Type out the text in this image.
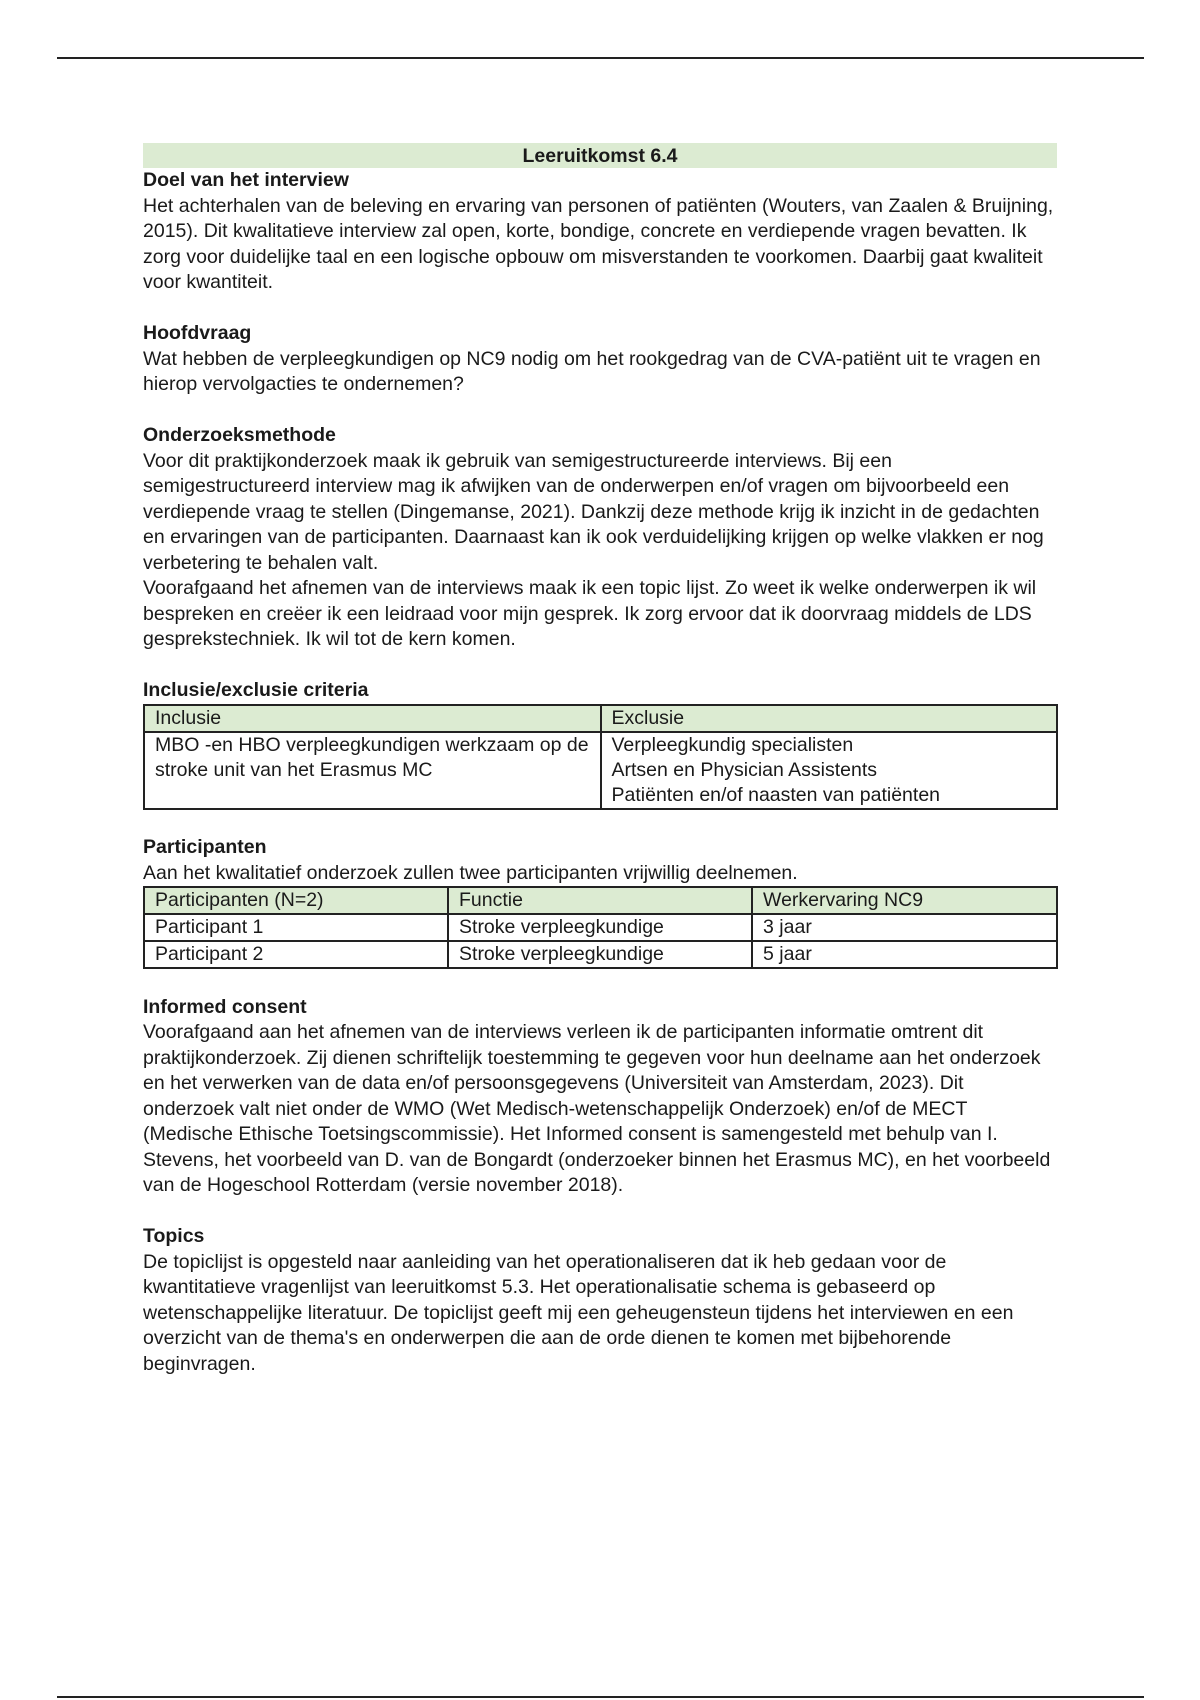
Leeruitkomst 6.4

Doel van het interview

Het achterhalen van de beleving en ervaring van personen of patiënten (Wouters, van Zaalen & Bruijning, 2015). Dit kwalitatieve interview zal open, korte, bondige, concrete en verdiepende vragen bevatten. Ik zorg voor duidelijke taal en een logische opbouw om misverstanden te voorkomen. Daarbij gaat kwaliteit voor kwantiteit.

Hoofdvraag

Wat hebben de verpleegkundigen op NC9 nodig om het rookgedrag van de CVA-patiënt uit te vragen en hierop vervolgacties te ondernemen?

Onderzoeksmethode

Voor dit praktijkonderzoek maak ik gebruik van semigestructureerde interviews. Bij een semigestructureerd interview mag ik afwijken van de onderwerpen en/of vragen om bijvoorbeeld een verdiepende vraag te stellen (Dingemanse, 2021). Dankzij deze methode krijg ik inzicht in de gedachten en ervaringen van de participanten. Daarnaast kan ik ook verduidelijking krijgen op welke vlakken er nog verbetering te behalen valt.

Voorafgaand het afnemen van de interviews maak ik een topic lijst. Zo weet ik welke onderwerpen ik wil bespreken en creëer ik een leidraad voor mijn gesprek. Ik zorg ervoor dat ik doorvraag middels de LDS gesprekstechniek. Ik wil tot de kern komen.

Inclusie/exclusie criteria

Inclusie	Exclusie

MBO -en HBO verpleegkundigen werkzaam op de stroke unit van het Erasmus MC	Verpleegkundig specialisten
Artsen en Physician Assistents
Patiënten en/of naasten van patiënten

Participanten

Aan het kwalitatief onderzoek zullen twee participanten vrijwillig deelnemen.

Participanten (N=2)	Functie	Werkervaring NC9
Participant 1	Stroke verpleegkundige	3 jaar
Participant 2	Stroke verpleegkundige	5 jaar

Informed consent

Voorafgaand aan het afnemen van de interviews verleen ik de participanten informatie omtrent dit praktijkonderzoek. Zij dienen schriftelijk toestemming te gegeven voor hun deelname aan het onderzoek en het verwerken van de data en/of persoonsgegevens (Universiteit van Amsterdam, 2023). Dit onderzoek valt niet onder de WMO (Wet Medisch-wetenschappelijk Onderzoek) en/of de MECT (Medische Ethische Toetsingscommissie). Het Informed consent is samengesteld met behulp van I. Stevens, het voorbeeld van D. van de Bongardt (onderzoeker binnen het Erasmus MC), en het voorbeeld van de Hogeschool Rotterdam (versie november 2018).

Topics

De topiclijst is opgesteld naar aanleiding van het operationaliseren dat ik heb gedaan voor de kwantitatieve vragenlijst van leeruitkomst 5.3. Het operationalisatie schema is gebaseerd op wetenschappelijke literatuur. De topiclijst geeft mij een geheugensteun tijdens het interviewen en een overzicht van de thema's en onderwerpen die aan de orde dienen te komen met bijbehorende beginvragen.
